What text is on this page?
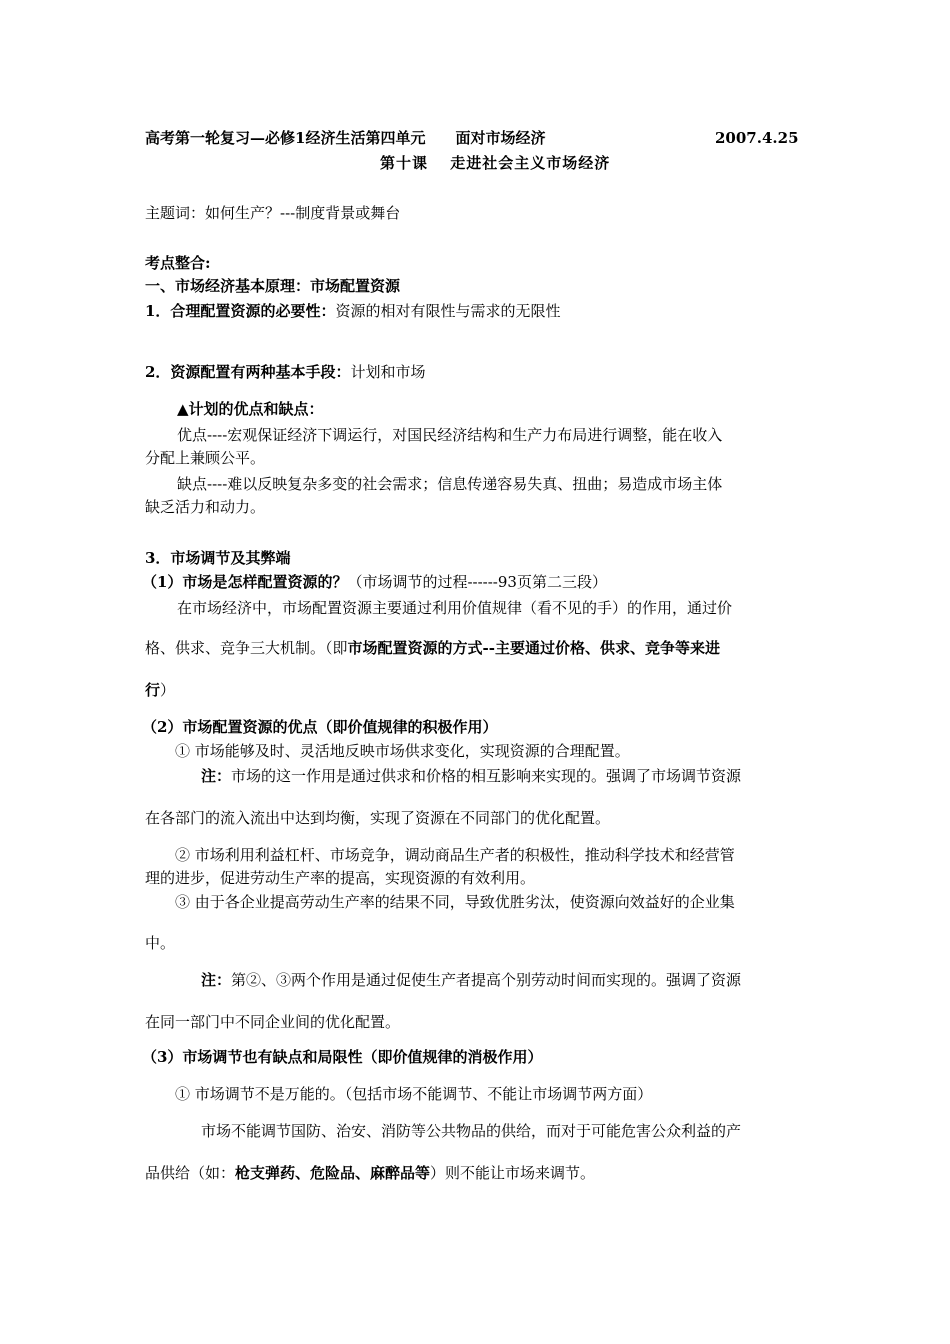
高考第一轮复习—必修1经济生活第四单元　　面对市场经济	2007.4.25
第十课　 走进社会主义市场经济
主题词：如何生产？---制度背景或舞台
考点整合:
一、市场经济基本原理：市场配置资源
1．合理配置资源的必要性：资源的相对有限性与需求的无限性
2．资源配置有两种基本手段：计划和市场
▲计划的优点和缺点：
优点----宏观保证经济下调运行，对国民经济结构和生产力布局进行调整，能在收入
分配上兼顾公平。
缺点----难以反映复杂多变的社会需求；信息传递容易失真、扭曲；易造成市场主体
缺乏活力和动力。
3．市场调节及其弊端
（1）市场是怎样配置资源的？（市场调节的过程------93页第二三段）
在市场经济中，市场配置资源主要通过利用价值规律（看不见的手）的作用，通过价
格、供求、竞争三大机制。（即市场配置资源的方式--主要通过价格、供求、竞争等来进
行）
（2）市场配置资源的优点（即价值规律的积极作用）
① 市场能够及时、灵活地反映市场供求变化，实现资源的合理配置。
注：市场的这一作用是通过供求和价格的相互影响来实现的。强调了市场调节资源
在各部门的流入流出中达到均衡，实现了资源在不同部门的优化配置。
② 市场利用利益杠杆、市场竞争，调动商品生产者的积极性，推动科学技术和经营管
理的进步，促进劳动生产率的提高，实现资源的有效利用。
③ 由于各企业提高劳动生产率的结果不同，导致优胜劣汰，使资源向效益好的企业集
中。
注：第②、③两个作用是通过促使生产者提高个别劳动时间而实现的。强调了资源
在同一部门中不同企业间的优化配置。
（3）市场调节也有缺点和局限性（即价值规律的消极作用）
① 市场调节不是万能的。（包括市场不能调节、不能让市场调节两方面）
市场不能调节国防、治安、消防等公共物品的供给，而对于可能危害公众利益的产
品供给（如：枪支弹药、危险品、麻醉品等）则不能让市场来调节。
